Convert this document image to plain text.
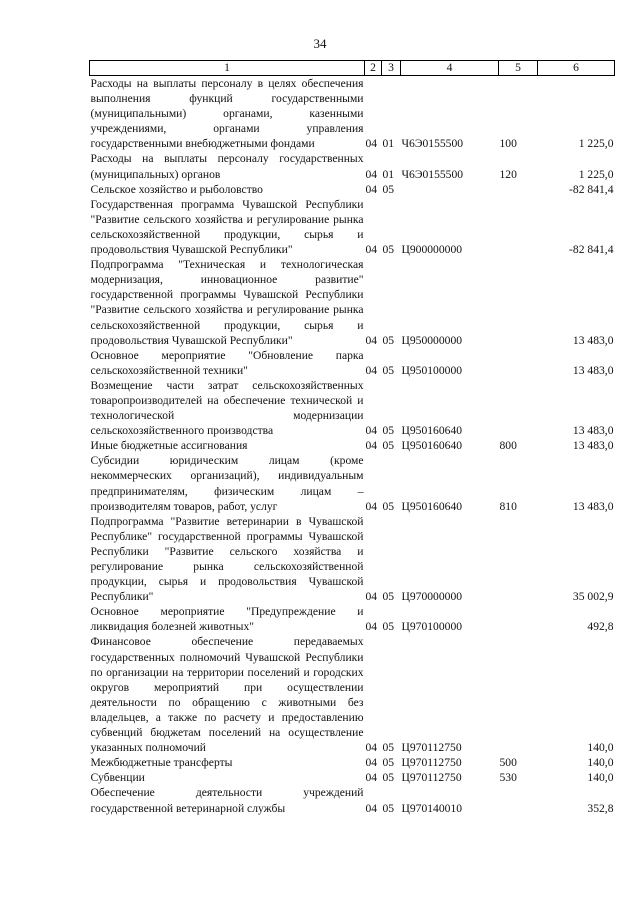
34
1	2	3	4	5	6
Расходы на выплаты персоналу в целях обеспечения выполнения функций государственными (муниципальными) органами, казенными учреждениями, органами управления государственными внебюджетными фондами	04	01	Ч6Э0155500	100	1 225,0
Расходы на выплаты персоналу государственных (муниципальных) органов	04	01	Ч6Э0155500	120	1 225,0
Сельское хозяйство и рыболовство	04	05			-82 841,4
Государственная программа Чувашской Республики "Развитие сельского хозяйства и регулирование рынка сельскохозяйственной продукции, сырья и продовольствия Чувашской Республики"	04	05	Ц900000000		-82 841,4
Подпрограмма "Техническая и технологическая модернизация, инновационное развитие" государственной программы Чувашской Республики "Развитие сельского хозяйства и регулирование рынка сельскохозяйственной продукции, сырья и продовольствия Чувашской Республики"	04	05	Ц950000000		13 483,0
Основное мероприятие "Обновление парка сельскохозяйственной техники"	04	05	Ц950100000		13 483,0
Возмещение части затрат сельскохозяйственных товаропроизводителей на обеспечение технической и технологической модернизации сельскохозяйственного производства	04	05	Ц950160640		13 483,0
Иные бюджетные ассигнования	04	05	Ц950160640	800	13 483,0
Субсидии юридическим лицам (кроме некоммерческих организаций), индивидуальным предпринимателям, физическим лицам – производителям товаров, работ, услуг	04	05	Ц950160640	810	13 483,0
Подпрограмма "Развитие ветеринарии в Чувашской Республике" государственной программы Чувашской Республики "Развитие сельского хозяйства и регулирование рынка сельскохозяйственной продукции, сырья и продовольствия Чувашской Республики"	04	05	Ц970000000		35 002,9
Основное мероприятие "Предупреждение и ликвидация болезней животных"	04	05	Ц970100000		492,8
Финансовое обеспечение передаваемых государственных полномочий Чувашской Республики по организации на территории поселений и городских округов мероприятий при осуществлении деятельности по обращению с животными без владельцев, а также по расчету и предоставлению субвенций бюджетам поселений на осуществление указанных полномочий	04	05	Ц970112750		140,0
Межбюджетные трансферты	04	05	Ц970112750	500	140,0
Субвенции	04	05	Ц970112750	530	140,0
Обеспечение деятельности учреждений государственной ветеринарной службы	04	05	Ц970140010		352,8
